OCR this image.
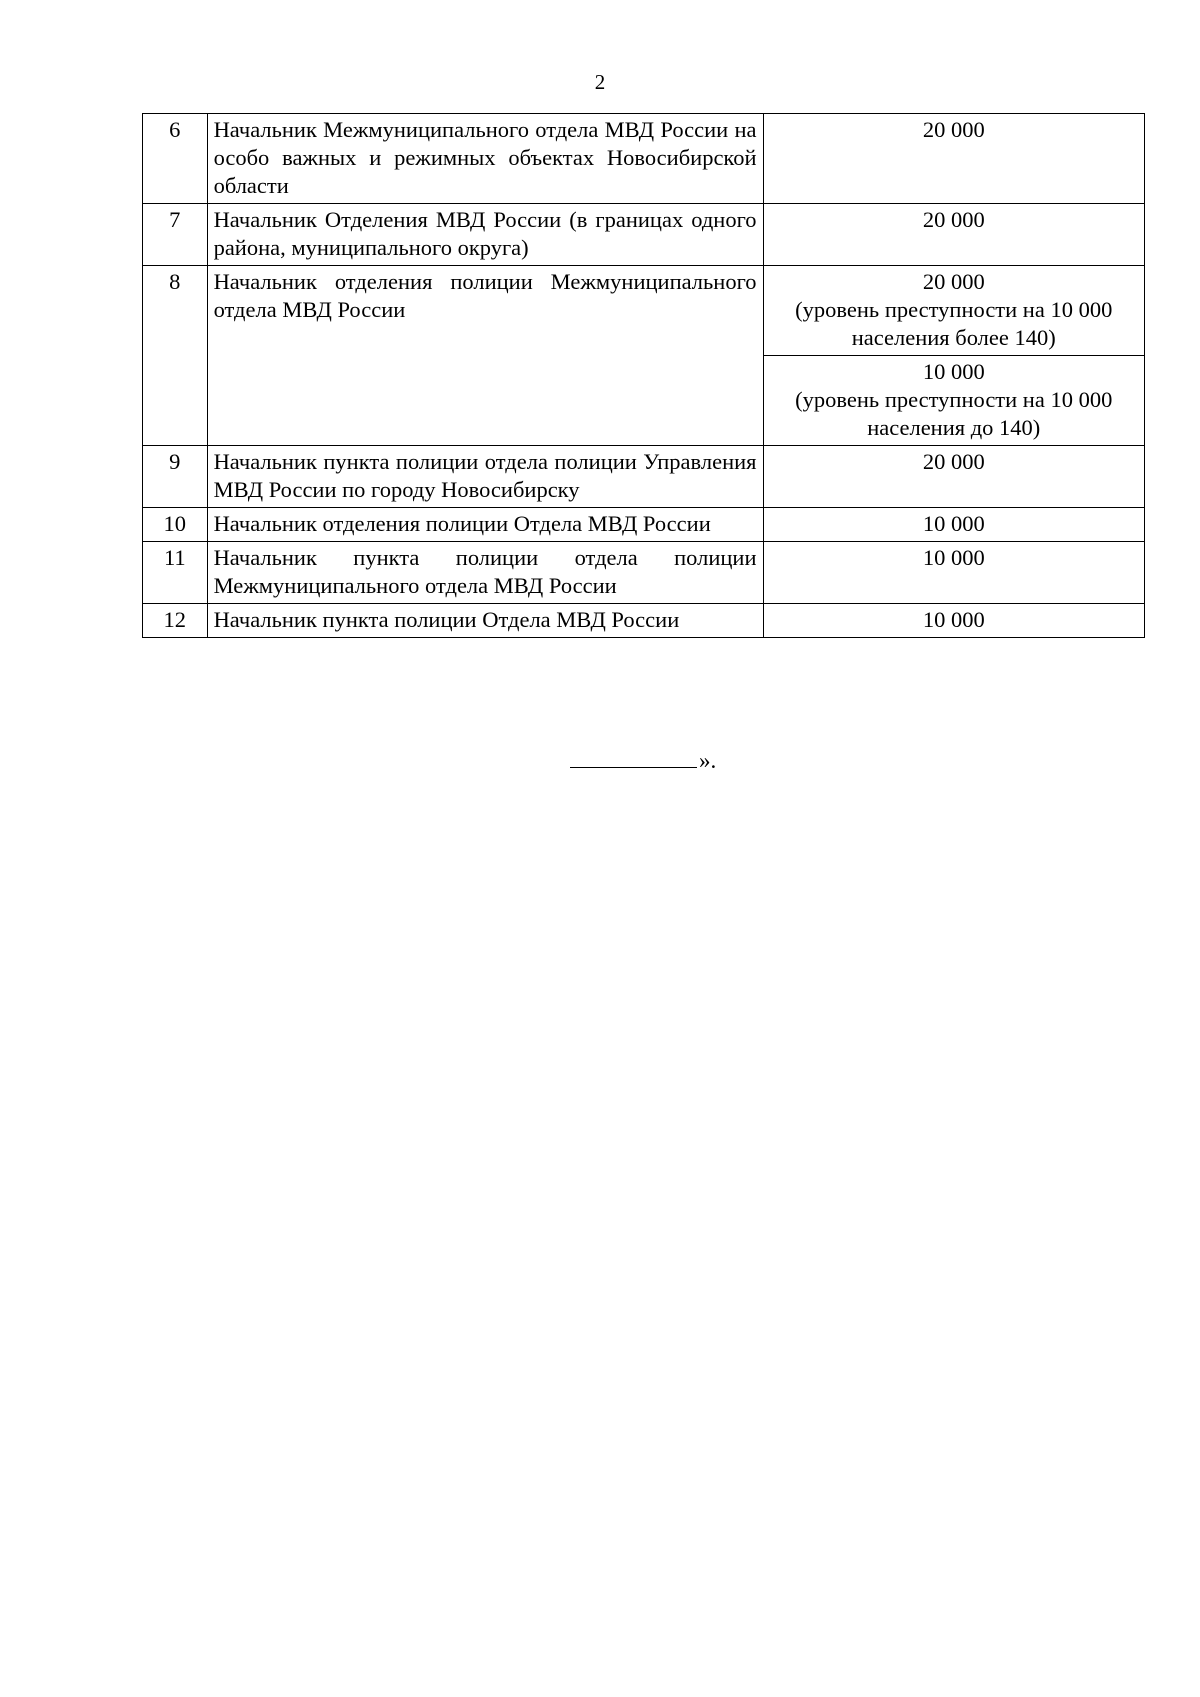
2
6	Начальник Межмуниципального отдела МВД России на особо важных и режимных объектах Новосибирской области	20 000

7	Начальник Отделения МВД России (в границах одного района, муниципального округа)	20 000

8	Начальник отделения полиции Межмуниципального отдела МВД России	20 000
(уровень преступности на 10 000 населения более 140)

		10 000
(уровень преступности на 10 000 населения до 140)

9	Начальник пункта полиции отдела полиции Управления МВД России по городу Новосибирску	20 000

10	Начальник отделения полиции Отдела МВД России	10 000

11	Начальник пункта полиции отдела полиции Межмуниципального отдела МВД России	10 000

12	Начальник пункта полиции Отдела МВД России	10 000
».
